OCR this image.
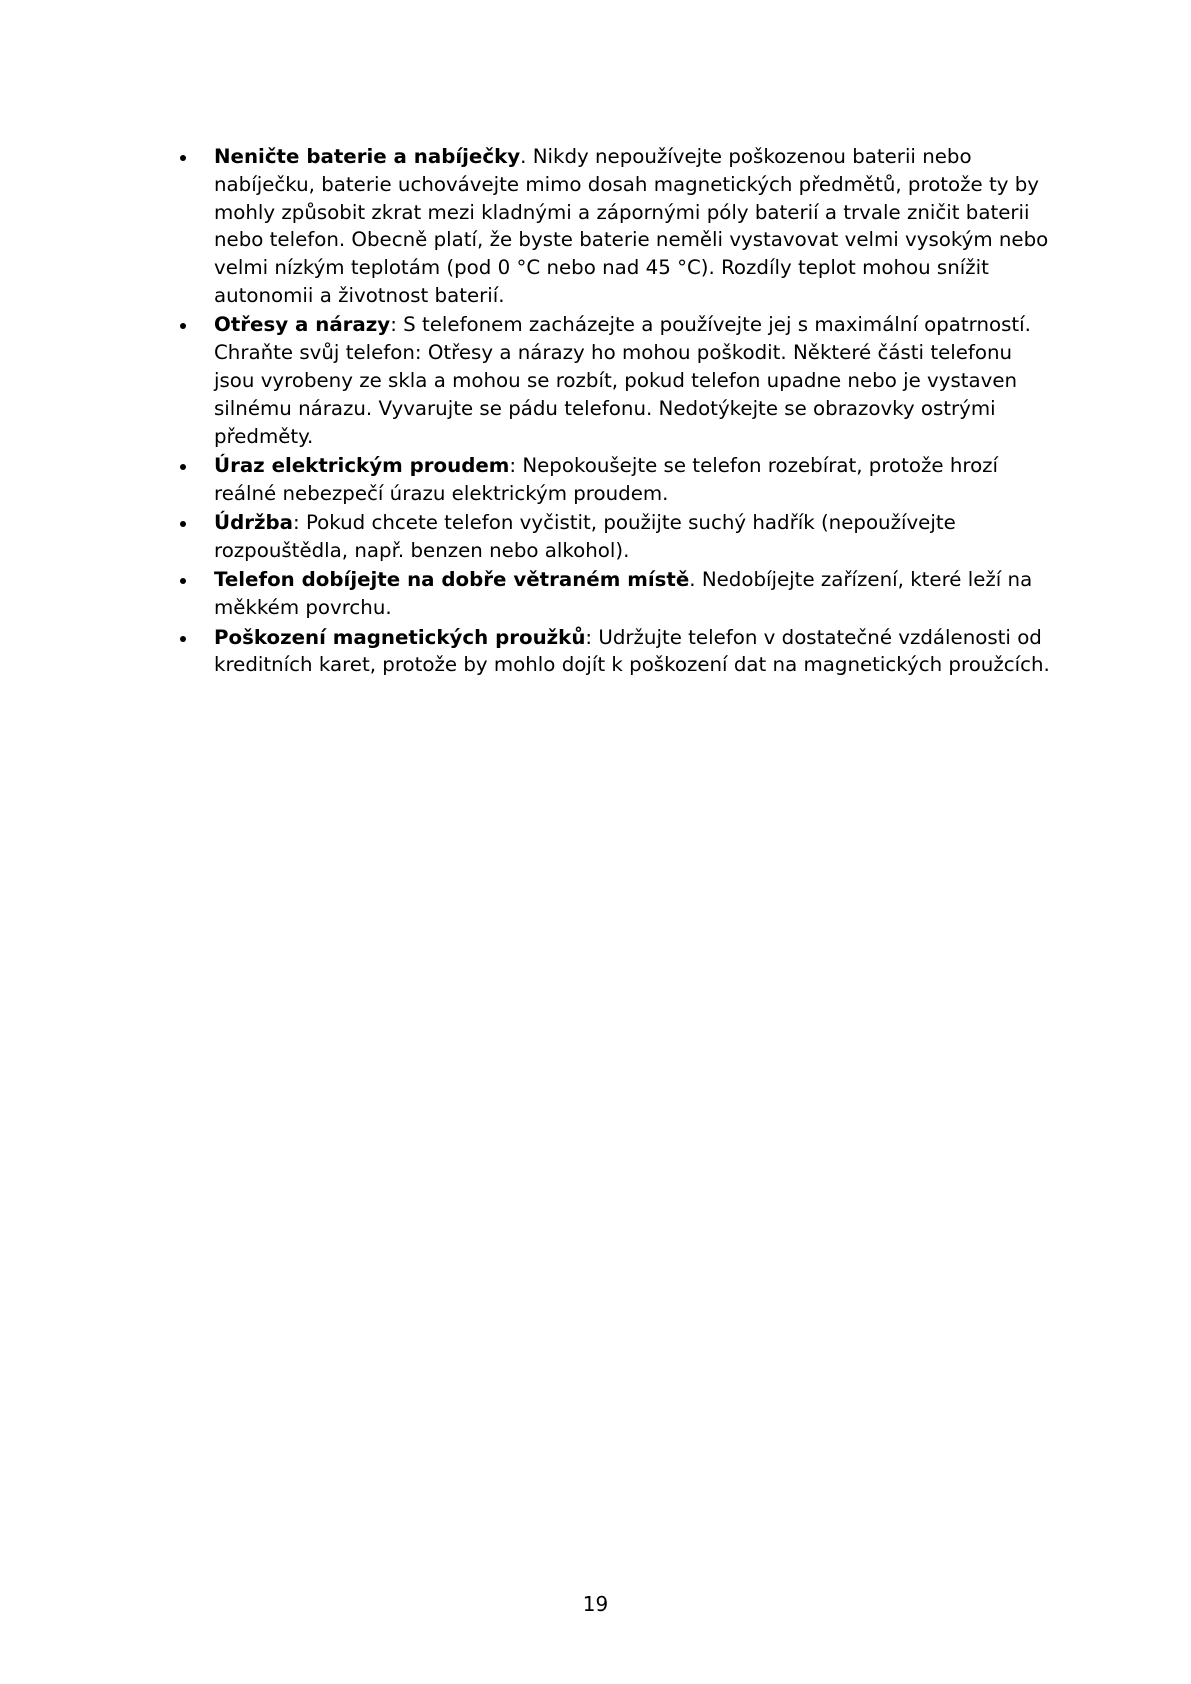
Neničte baterie a nabíječky. Nikdy nepoužívejte poškozenou baterii nebo nabíječku, baterie uchovávejte mimo dosah magnetických předmětů, protože ty by mohly způsobit zkrat mezi kladnými a zápornými póly baterií a trvale zničit baterii nebo telefon. Obecně platí, že byste baterie neměli vystavovat velmi vysokým nebo velmi nízkým teplotám (pod 0 °C nebo nad 45 °C). Rozdíly teplot mohou snížit autonomii a životnost baterií.
Otřesy a nárazy: S telefonem zacházejte a používejte jej s maximální opatrností. Chraňte svůj telefon: Otřesy a nárazy ho mohou poškodit. Některé části telefonu jsou vyrobeny ze skla a mohou se rozbít, pokud telefon upadne nebo je vystaven silnému nárazu. Vyvarujte se pádu telefonu. Nedotýkejte se obrazovky ostrými předměty.
Úraz elektrickým proudem: Nepokoušejte se telefon rozebírat, protože hrozí reálné nebezpečí úrazu elektrickým proudem.
Údržba: Pokud chcete telefon vyčistit, použijte suchý hadřík (nepoužívejte rozpouštědla, např. benzen nebo alkohol).
Telefon dobíjejte na dobře větraném místě. Nedobíjejte zařízení, které leží na měkkém povrchu.
Poškození magnetických proužků: Udržujte telefon v dostatečné vzdálenosti od kreditních karet, protože by mohlo dojít k poškození dat na magnetických proužcích.
19
